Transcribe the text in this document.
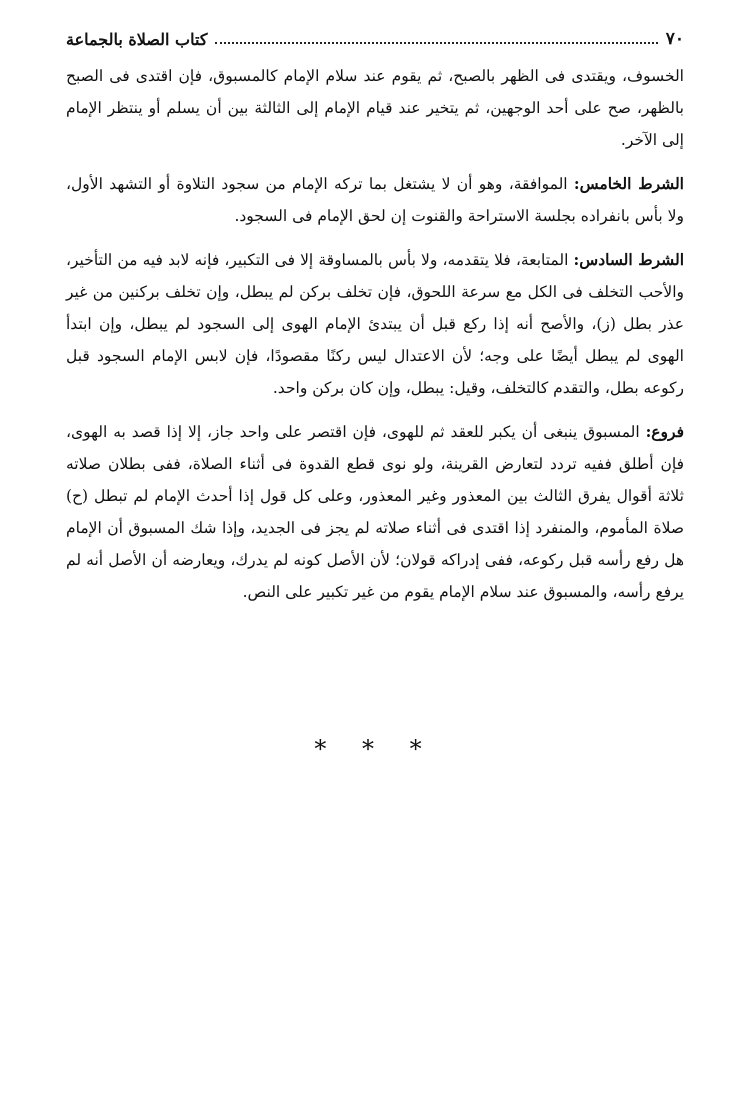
٧٠
كتاب الصلاة بالجماعة

الخسوف، ويقتدى فى الظهر بالصبح، ثم يقوم عند سلام الإمام كالمسبوق، فإن اقتدى فى الصبح بالظهر، صح على أحد الوجهين، ثم يتخير عند قيام الإمام إلى الثالثة بين أن يسلم أو ينتظر الإمام إلى الآخر.

الشرط الخامس: الموافقة، وهو أن لا يشتغل بما تركه الإمام من سجود التلاوة أو التشهد الأول، ولا بأس بانفراده بجلسة الاستراحة والقنوت إن لحق الإمام فى السجود.

الشرط السادس: المتابعة، فلا يتقدمه، ولا بأس بالمساوقة إلا فى التكبير، فإنه لابد فيه من التأخير، والأحب التخلف فى الكل مع سرعة اللحوق، فإن تخلف بركن لم يبطل، وإن تخلف بركنين من غير عذر بطل (ز)، والأصح أنه إذا ركع قبل أن يبتدئ الإمام الهوى إلى السجود لم يبطل، وإن ابتدأ الهوى لم يبطل أيضًا على وجه؛ لأن الاعتدال ليس ركنًا مقصودًا، فإن لابس الإمام السجود قبل ركوعه بطل، والتقدم كالتخلف، وقيل: يبطل، وإن كان بركن واحد.

فروع: المسبوق ينبغى أن يكبر للعقد ثم للهوى، فإن اقتصر على واحد جاز، إلا إذا قصد به الهوى، فإن أطلق ففيه تردد لتعارض القرينة، ولو نوى قطع القدوة فى أثناء الصلاة، ففى بطلان صلاته ثلاثة أقوال يفرق الثالث بين المعذور وغير المعذور، وعلى كل قول إذا أحدث الإمام لم تبطل (ح) صلاة المأموم، والمنفرد إذا اقتدى فى أثناء صلاته لم يجز فى الجديد، وإذا شك المسبوق أن الإمام هل رفع رأسه قبل ركوعه، ففى إدراكه قولان؛ لأن الأصل كونه لم يدرك، ويعارضه أن الأصل أنه لم يرفع رأسه، والمسبوق عند سلام الإمام يقوم من غير تكبير على النص.

* * *
